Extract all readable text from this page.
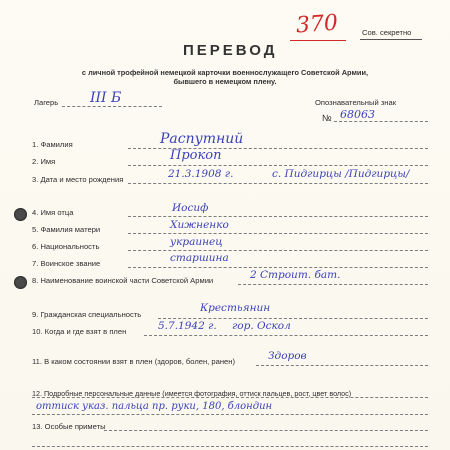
Сов. секретно
370
ПЕРЕВОД
с личной трофейной немецкой карточки военнослужащего Советской Армии,
бывшего в немецком плену.
Лагерь III Б	Опознавательный знак
№ 68063
1. Фамилия	Распутний
2. Имя	Прокоп
3. Дата и место рождения	21.3.1908 г.	с. Пидгирцы /Пидгирцы/
4. Имя отца	Иосиф
5. Фамилия матери	Хижненко
6. Национальность	украинец
7. Воинское звание	старшина
8. Наименование воинской части Советской Армии	2 Строит. бат.
9. Гражданская специальность
Крестьянин
10. Когда и где взят в плен	5.7.1942 г. гор. Оскол
11. В каком состоянии взят в плен (здоров, болен, ранен)	Здоров
12. Подробные персональные данные (имеется фотография, оттиск пальцев, рост, цвет волос)
оттиск указ. пальца пр. руки, 180, блондин
13. Особые приметы
